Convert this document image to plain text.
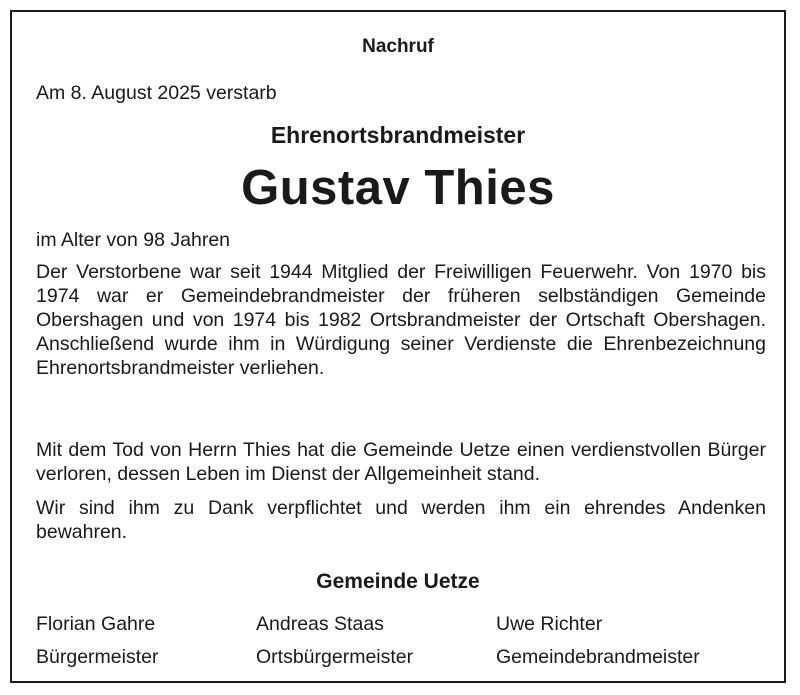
Nachruf
Am 8. August 2025 verstarb
Ehrenortsbrandmeister
Gustav Thies
im Alter von 98 Jahren

Der Verstorbene war seit 1944 Mitglied der Freiwilligen Feuerwehr. Von 1970 bis 1974 war er Gemeindebrandmeister der früheren selbständigen Gemeinde Obershagen und von 1974 bis 1982 Ortsbrandmeister der Ortschaft Obershagen. Anschließend wurde ihm in Würdigung seiner Verdienste die Ehrenbezeichnung Ehrenortsbrandmeister verliehen.

Mit dem Tod von Herrn Thies hat die Gemeinde Uetze einen verdienstvollen Bürger verloren, dessen Leben im Dienst der Allgemeinheit stand.

Wir sind ihm zu Dank verpflichtet und werden ihm ein ehrendes Andenken bewahren.

Gemeinde Uetze
Florian Gahre
Bürgermeister
Andreas Staas
Ortsbürgermeister
Uwe Richter
Gemeindebrandmeister
